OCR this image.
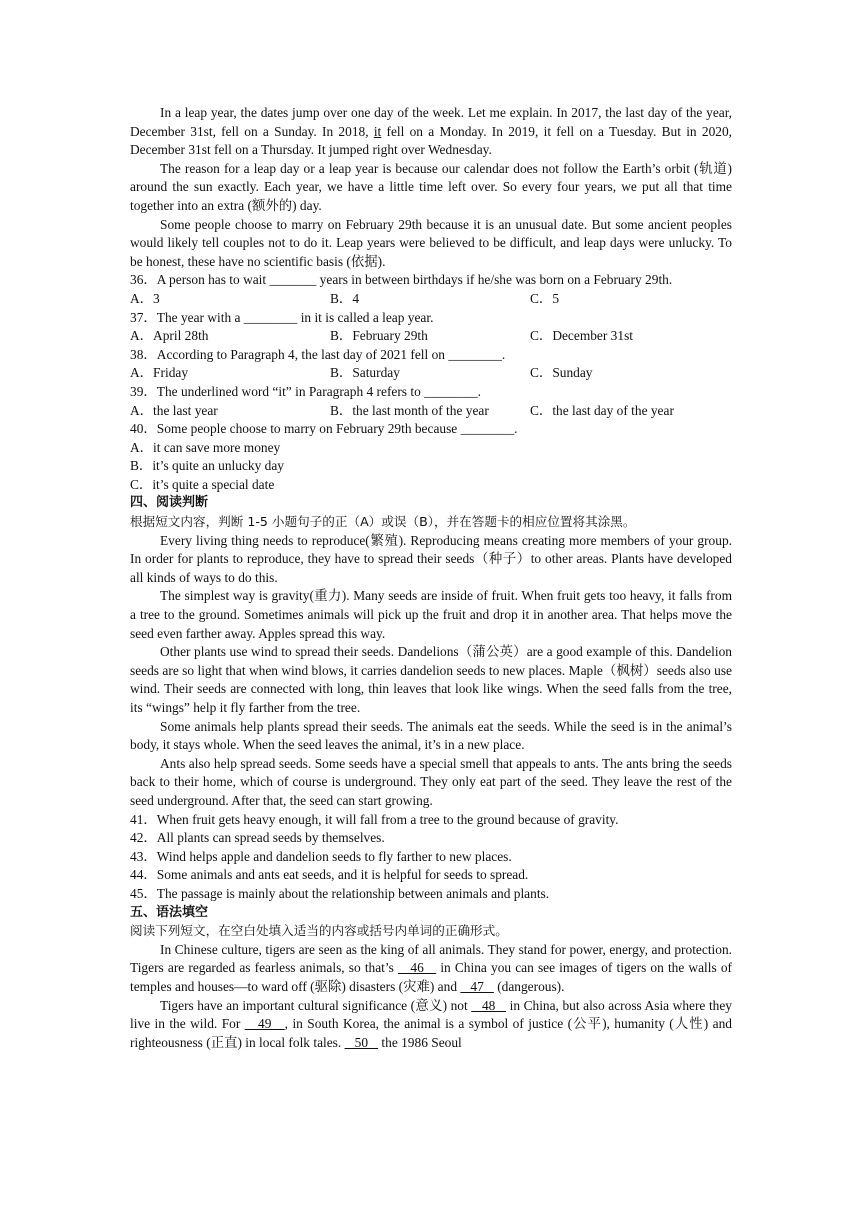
In a leap year, the dates jump over one day of the week. Let me explain. In 2017, the last day of the year, December 31st, fell on a Sunday. In 2018, it fell on a Monday. In 2019, it fell on a Tuesday. But in 2020, December 31st fell on a Thursday. It jumped right over Wednesday.

The reason for a leap day or a leap year is because our calendar does not follow the Earth’s orbit (轨道) around the sun exactly. Each year, we have a little time left over. So every four years, we put all that time together into an extra (额外的) day.

Some people choose to marry on February 29th because it is an unusual date. But some ancient peoples would likely tell couples not to do it. Leap years were believed to be difficult, and leap days were unlucky. To be honest, these have no scientific basis (依据).

36．A person has to wait _______ years in between birthdays if he/she was born on a February 29th.

A．3	B．4	C．5

37．The year with a ________ in it is called a leap year.

A．April 28th	B．February 29th	C．December 31st

38．According to Paragraph 4, the last day of 2021 fell on ________.

A．Friday	B．Saturday	C．Sunday

39．The underlined word “it” in Paragraph 4 refers to ________.

A．the last year	B．the last month of the year	C．the last day of the year

40．Some people choose to marry on February 29th because ________.

A．it can save more money

B．it’s quite an unlucky day

C．it’s quite a special date

四、阅读判断

根据短文内容，判断 1-5 小题句子的正（A）或误（B），并在答题卡的相应位置将其涂黑。

Every living thing needs to reproduce(繁殖). Reproducing means creating more members of your group. In order for plants to reproduce, they have to spread their seeds（种子）to other areas. Plants have developed all kinds of ways to do this.

The simplest way is gravity(重力). Many seeds are inside of fruit. When fruit gets too heavy, it falls from a tree to the ground. Sometimes animals will pick up the fruit and drop it in another area. That helps move the seed even farther away. Apples spread this way.

Other plants use wind to spread their seeds. Dandelions（蒲公英）are a good example of this. Dandelion seeds are so light that when wind blows, it carries dandelion seeds to new places. Maple（枫树）seeds also use wind. Their seeds are connected with long, thin leaves that look like wings. When the seed falls from the tree, its “wings” help it fly farther from the tree.

Some animals help plants spread their seeds. The animals eat the seeds. While the seed is in the animal’s body, it stays whole. When the seed leaves the animal, it’s in a new place.

Ants also help spread seeds. Some seeds have a special smell that appeals to ants. The ants bring the seeds back to their home, which of course is underground. They only eat part of the seed. They leave the rest of the seed underground. After that, the seed can start growing.

41．When fruit gets heavy enough, it will fall from a tree to the ground because of gravity.

42．All plants can spread seeds by themselves.

43．Wind helps apple and dandelion seeds to fly farther to new places.

44．Some animals and ants eat seeds, and it is helpful for seeds to spread.

45．The passage is mainly about the relationship between animals and plants.

五、语法填空

阅读下列短文，在空白处填入适当的内容或括号内单词的正确形式。

In Chinese culture, tigers are seen as the king of all animals. They stand for power, energy, and protection. Tigers are regarded as fearless animals, so that’s    46    in China you can see images of tigers on the walls of temples and houses—to ward off (驱除) disasters (灾难) and    47    (dangerous).

Tigers have an important cultural significance (意义) not    48    in China, but also across Asia where they live in the wild. For    49   , in South Korea, the animal is a symbol of justice (公平), humanity (人性) and righteousness (正直) in local folk tales.    50    the 1986 Seoul
